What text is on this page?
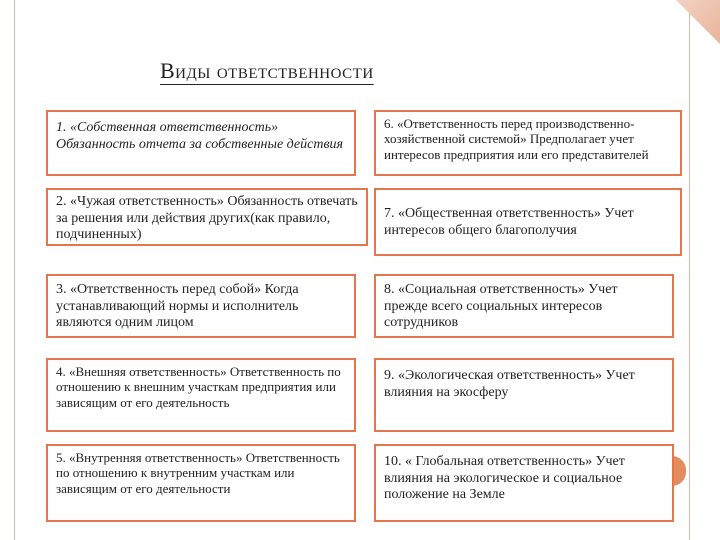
Виды ответственности
1. «Собственная ответственность» Обязанность отчета за собственные действия
2. «Чужая ответственность» Обязанность отвечать за решения или действия других(как правило, подчиненных)
3. «Ответственность перед собой» Когда устанавливающий нормы и исполнитель являются одним лицом
4. «Внешняя ответственность» Ответственность по отношению к внешним участкам предприятия или зависящим от его деятельность
5. «Внутренняя ответственность» Ответственность по отношению к внутренним участкам или зависящим от его деятельности
6. «Ответственность перед производственно-хозяйственной системой» Предполагает учет интересов предприятия или его представителей
7. «Общественная ответственность» Учет интересов общего благополучия
8. «Социальная ответственность» Учет прежде всего социальных интересов сотрудников
9. «Экологическая ответственность» Учет влияния на экосферу
10. « Глобальная ответственность» Учет влияния на экологическое и социальное положение на Земле
